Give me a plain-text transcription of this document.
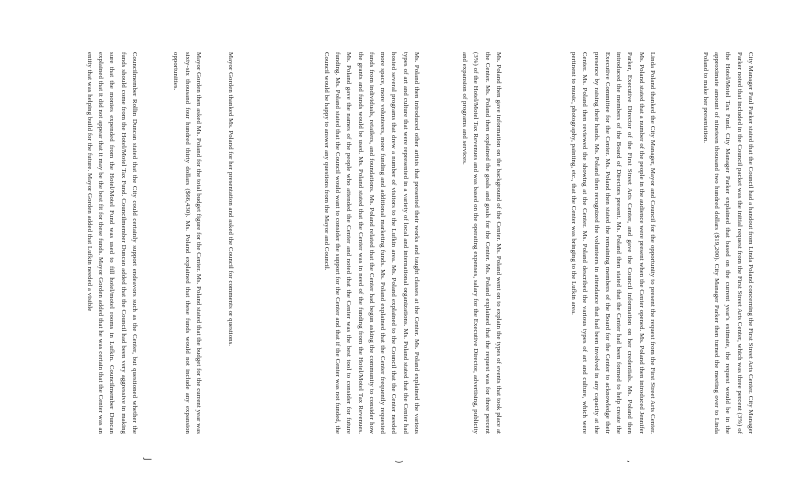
City Manager Paul Parker stated that the Council had a handout from Linda Poland concerning the First Street Arts Center. City Manager Parker noted that included in the Council packet was the initial request from the First Street Arts Center, which was three percent (3%) of the Hotel/Motel Tax Fund. City Manager Parker explained that based on the current year's estimate, the request would be in the approximate amount of nineteen thousand two hundred dollars ($19,200). City Manager Parker then turned the meeting over to Linda Poland to make her presentation.

Linda Poland thanked the City Manager, Mayor and Council for the opportunity to present the request from the First Street Arts Center. Ms. Poland stated that a number of the people in the audience were present when the Center opened. Ms. Poland then introduced Jennifer Parker, Executive Director of the First Street Arts Center, and gave the Council information on her credentials. Ms. Poland then introduced the members of the Board of Directors present. Ms. Poland then stated that the Center had been formed to help create the Executive Committee for the Center. Ms. Poland then stated the remaining members of the Board for the Center to acknowledge their presence by raising their hands. Ms. Poland then recognized the volunteers in attendance that had been involved in any capacity at the Center. Ms. Poland then reviewed the showing at the Center. Ms. Poland described the various types of art and culture, which were pertinent to music, photography, painting, etc., that the Center was bringing to the Lufkin area.

Ms. Poland then gave information on the background of the Center. Ms. Poland went on to explain the types of events that took place at the Center. Ms. Poland then explained the goals and goals for the Center. Ms. Poland explained that the request was for three percent (3%) of the Hotel/Motel Tax Revenues and was based on the operating expenses, salary for the Executive Director, advertising, publicity and expansion of programs and services.

Ms. Poland then introduced other artists that presented their works and taught classes at the Center. Ms. Poland explained the various types of art and culture that were represented in a variety of local and international organizations. Ms. Poland stated that the Center had hosted several programs that drew a number of visitors to the Lufkin area. Ms. Poland explained to the Council that the Center needed more space, more volunteers, more funding and additional marketing funds. Ms. Poland explained that the Center frequently requested funds from individuals, retailers, and foundations. Ms. Poland related that the Center had begun asking the community to consider how the grants and funds would be used. Ms. Poland stated that the Center was in need of the funding from the Hotel/Motel Tax Revenues. Ms. Poland gave the names of the people who attended the Center and noted that the Center was the best tool to consider for future funding. Ms. Poland stated that the Council would want to consider the support for the Center and that if the Center was not funded, the Council would be happy to answer any questions from the Mayor and Council.

Mayor Gorden thanked Ms. Poland for her presentation and asked the Council for comments or questions.

Mayor Gorden then asked Ms. Poland for the total budget figure for the Center. Ms. Poland stated that the budget for the current year was sixty-six thousand four hundred thirty dollars ($66,430). Ms. Poland explained that these funds would not include any expansion opportunities.

Councilmember Rollin Duncan stated that the City could certainly support endeavors such as the Center, but questioned whether the funds should come from the Hotel/Motel Tax Fund. Councilmember Duncan added that the Council had been very aggressive in making sure that the monies expended from the Hotel/Motel Fund was used to fill hotel/motel rooms in Lufkin. Councilmember Duncan explained that it did not appear that it may be the best fit for these funds. Mayor Gorden added that he was certain that the Center was an entity that was helping build for the future. Mayor Gorden added that Lufkin needed a visible

,
)
J
